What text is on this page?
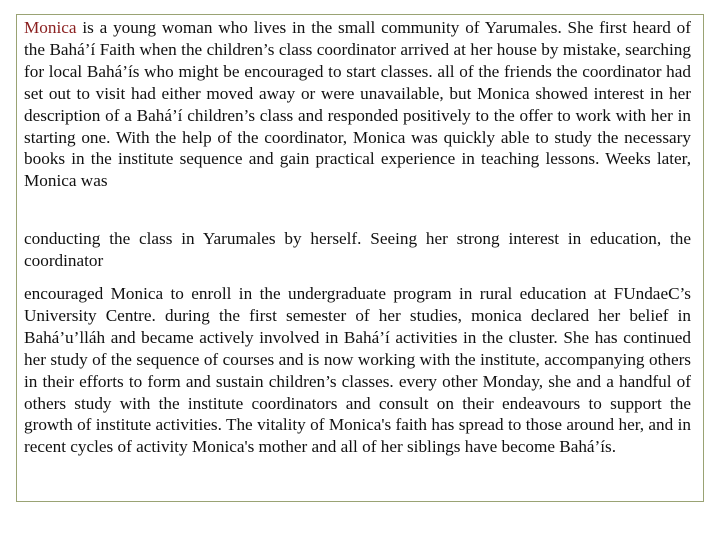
Monica is a young woman who lives in the small community of Yarumales. She first heard of the Bahá’í Faith when the children’s class coordinator arrived at her house by mistake, searching for local Bahá’ís who might be encouraged to start classes. all of the friends the coordinator had set out to visit had either moved away or were unavailable, but Monica showed interest in her description of a Bahá’í children’s class and responded positively to the offer to work with her in starting one. With the help of the coordinator, Monica was quickly able to study the necessary books in the institute sequence and gain practical experience in teaching lessons. Weeks later, Monica was

conducting the class in Yarumales by herself. Seeing her strong interest in education, the coordinator

encouraged Monica to enroll in the undergraduate program in rural education at FUndaeC’s University Centre. during the first semester of her studies, monica declared her belief in Bahá’u’lláh and became actively involved in Bahá’í activities in the cluster. She has continued her study of the sequence of courses and is now working with the institute, accompanying others in their efforts to form and sustain children’s classes. every other Monday, she and a handful of others study with the institute coordinators and consult on their endeavours to support the growth of institute activities. The vitality of Monica's faith has spread to those around her, and in recent cycles of activity Monica's mother and all of her siblings have become Bahá’ís.
